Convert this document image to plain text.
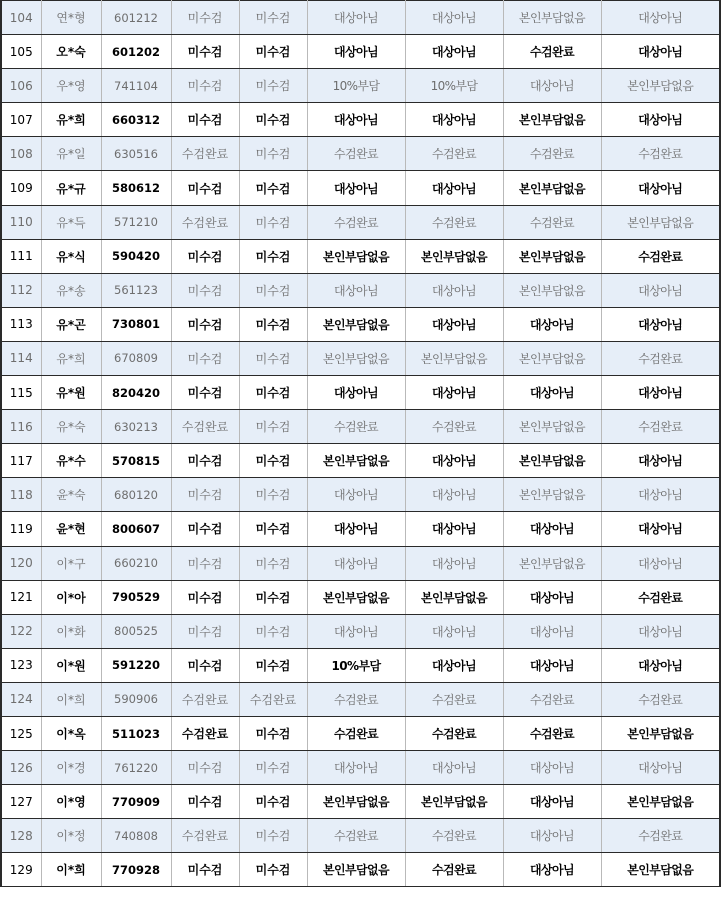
104	연*형	601212	미수검	미수검	대상아님	대상아님	본인부담없음	대상아님
105	오*숙	601202	미수검	미수검	대상아님	대상아님	수검완료	대상아님
106	우*영	741104	미수검	미수검	10%부담	10%부담	대상아님	본인부담없음
107	유*희	660312	미수검	미수검	대상아님	대상아님	본인부담없음	대상아님
108	유*일	630516	수검완료	미수검	수검완료	수검완료	수검완료	수검완료
109	유*규	580612	미수검	미수검	대상아님	대상아님	본인부담없음	대상아님
110	유*득	571210	수검완료	미수검	수검완료	수검완료	수검완료	본인부담없음
111	유*식	590420	미수검	미수검	본인부담없음	본인부담없음	본인부담없음	수검완료
112	유*송	561123	미수검	미수검	대상아님	대상아님	본인부담없음	대상아님
113	유*곤	730801	미수검	미수검	본인부담없음	대상아님	대상아님	대상아님
114	유*희	670809	미수검	미수검	본인부담없음	본인부담없음	본인부담없음	수검완료
115	유*원	820420	미수검	미수검	대상아님	대상아님	대상아님	대상아님
116	유*숙	630213	수검완료	미수검	수검완료	수검완료	본인부담없음	수검완료
117	유*수	570815	미수검	미수검	본인부담없음	대상아님	본인부담없음	대상아님
118	윤*숙	680120	미수검	미수검	대상아님	대상아님	본인부담없음	대상아님
119	윤*현	800607	미수검	미수검	대상아님	대상아님	대상아님	대상아님
120	이*구	660210	미수검	미수검	대상아님	대상아님	본인부담없음	대상아님
121	이*아	790529	미수검	미수검	본인부담없음	본인부담없음	대상아님	수검완료
122	이*화	800525	미수검	미수검	대상아님	대상아님	대상아님	대상아님
123	이*원	591220	미수검	미수검	10%부담	대상아님	대상아님	대상아님
124	이*희	590906	수검완료	수검완료	수검완료	수검완료	수검완료	수검완료
125	이*옥	511023	수검완료	미수검	수검완료	수검완료	수검완료	본인부담없음
126	이*경	761220	미수검	미수검	대상아님	대상아님	대상아님	대상아님
127	이*영	770909	미수검	미수검	본인부담없음	본인부담없음	대상아님	본인부담없음
128	이*정	740808	수검완료	미수검	수검완료	수검완료	대상아님	수검완료
129	이*희	770928	미수검	미수검	본인부담없음	수검완료	대상아님	본인부담없음
